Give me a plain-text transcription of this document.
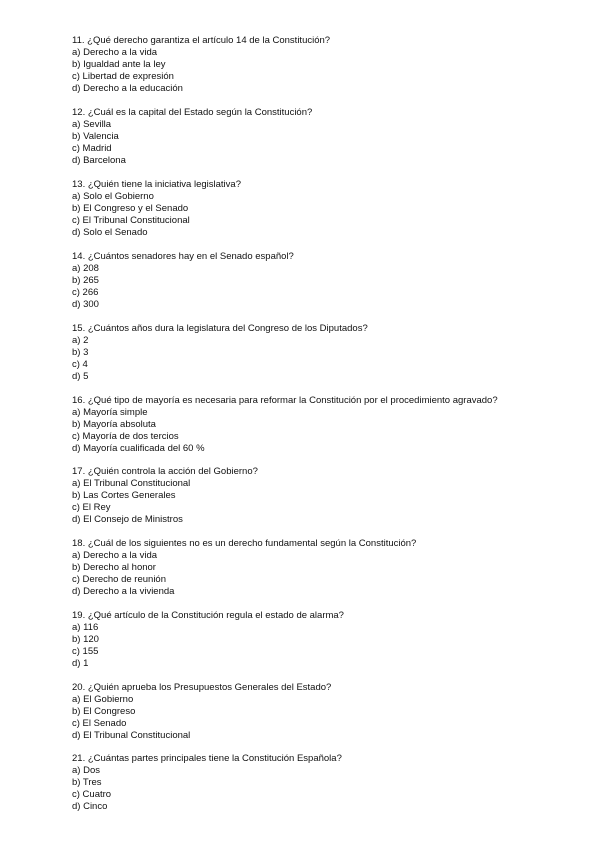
11. ¿Qué derecho garantiza el artículo 14 de la Constitución?
a) Derecho a la vida
b) Igualdad ante la ley
c) Libertad de expresión
d) Derecho a la educación
12. ¿Cuál es la capital del Estado según la Constitución?
a) Sevilla
b) Valencia
c) Madrid
d) Barcelona
13. ¿Quién tiene la iniciativa legislativa?
a) Solo el Gobierno
b) El Congreso y el Senado
c) El Tribunal Constitucional
d) Solo el Senado
14. ¿Cuántos senadores hay en el Senado español?
a) 208
b) 265
c) 266
d) 300
15. ¿Cuántos años dura la legislatura del Congreso de los Diputados?
a) 2
b) 3
c) 4
d) 5
16. ¿Qué tipo de mayoría es necesaria para reformar la Constitución por el procedimiento agravado?
a) Mayoría simple
b) Mayoría absoluta
c) Mayoría de dos tercios
d) Mayoría cualificada del 60 %
17. ¿Quién controla la acción del Gobierno?
a) El Tribunal Constitucional
b) Las Cortes Generales
c) El Rey
d) El Consejo de Ministros
18. ¿Cuál de los siguientes no es un derecho fundamental según la Constitución?
a) Derecho a la vida
b) Derecho al honor
c) Derecho de reunión
d) Derecho a la vivienda
19. ¿Qué artículo de la Constitución regula el estado de alarma?
a) 116
b) 120
c) 155
d) 1
20. ¿Quién aprueba los Presupuestos Generales del Estado?
a) El Gobierno
b) El Congreso
c) El Senado
d) El Tribunal Constitucional
21. ¿Cuántas partes principales tiene la Constitución Española?
a) Dos
b) Tres
c) Cuatro
d) Cinco
